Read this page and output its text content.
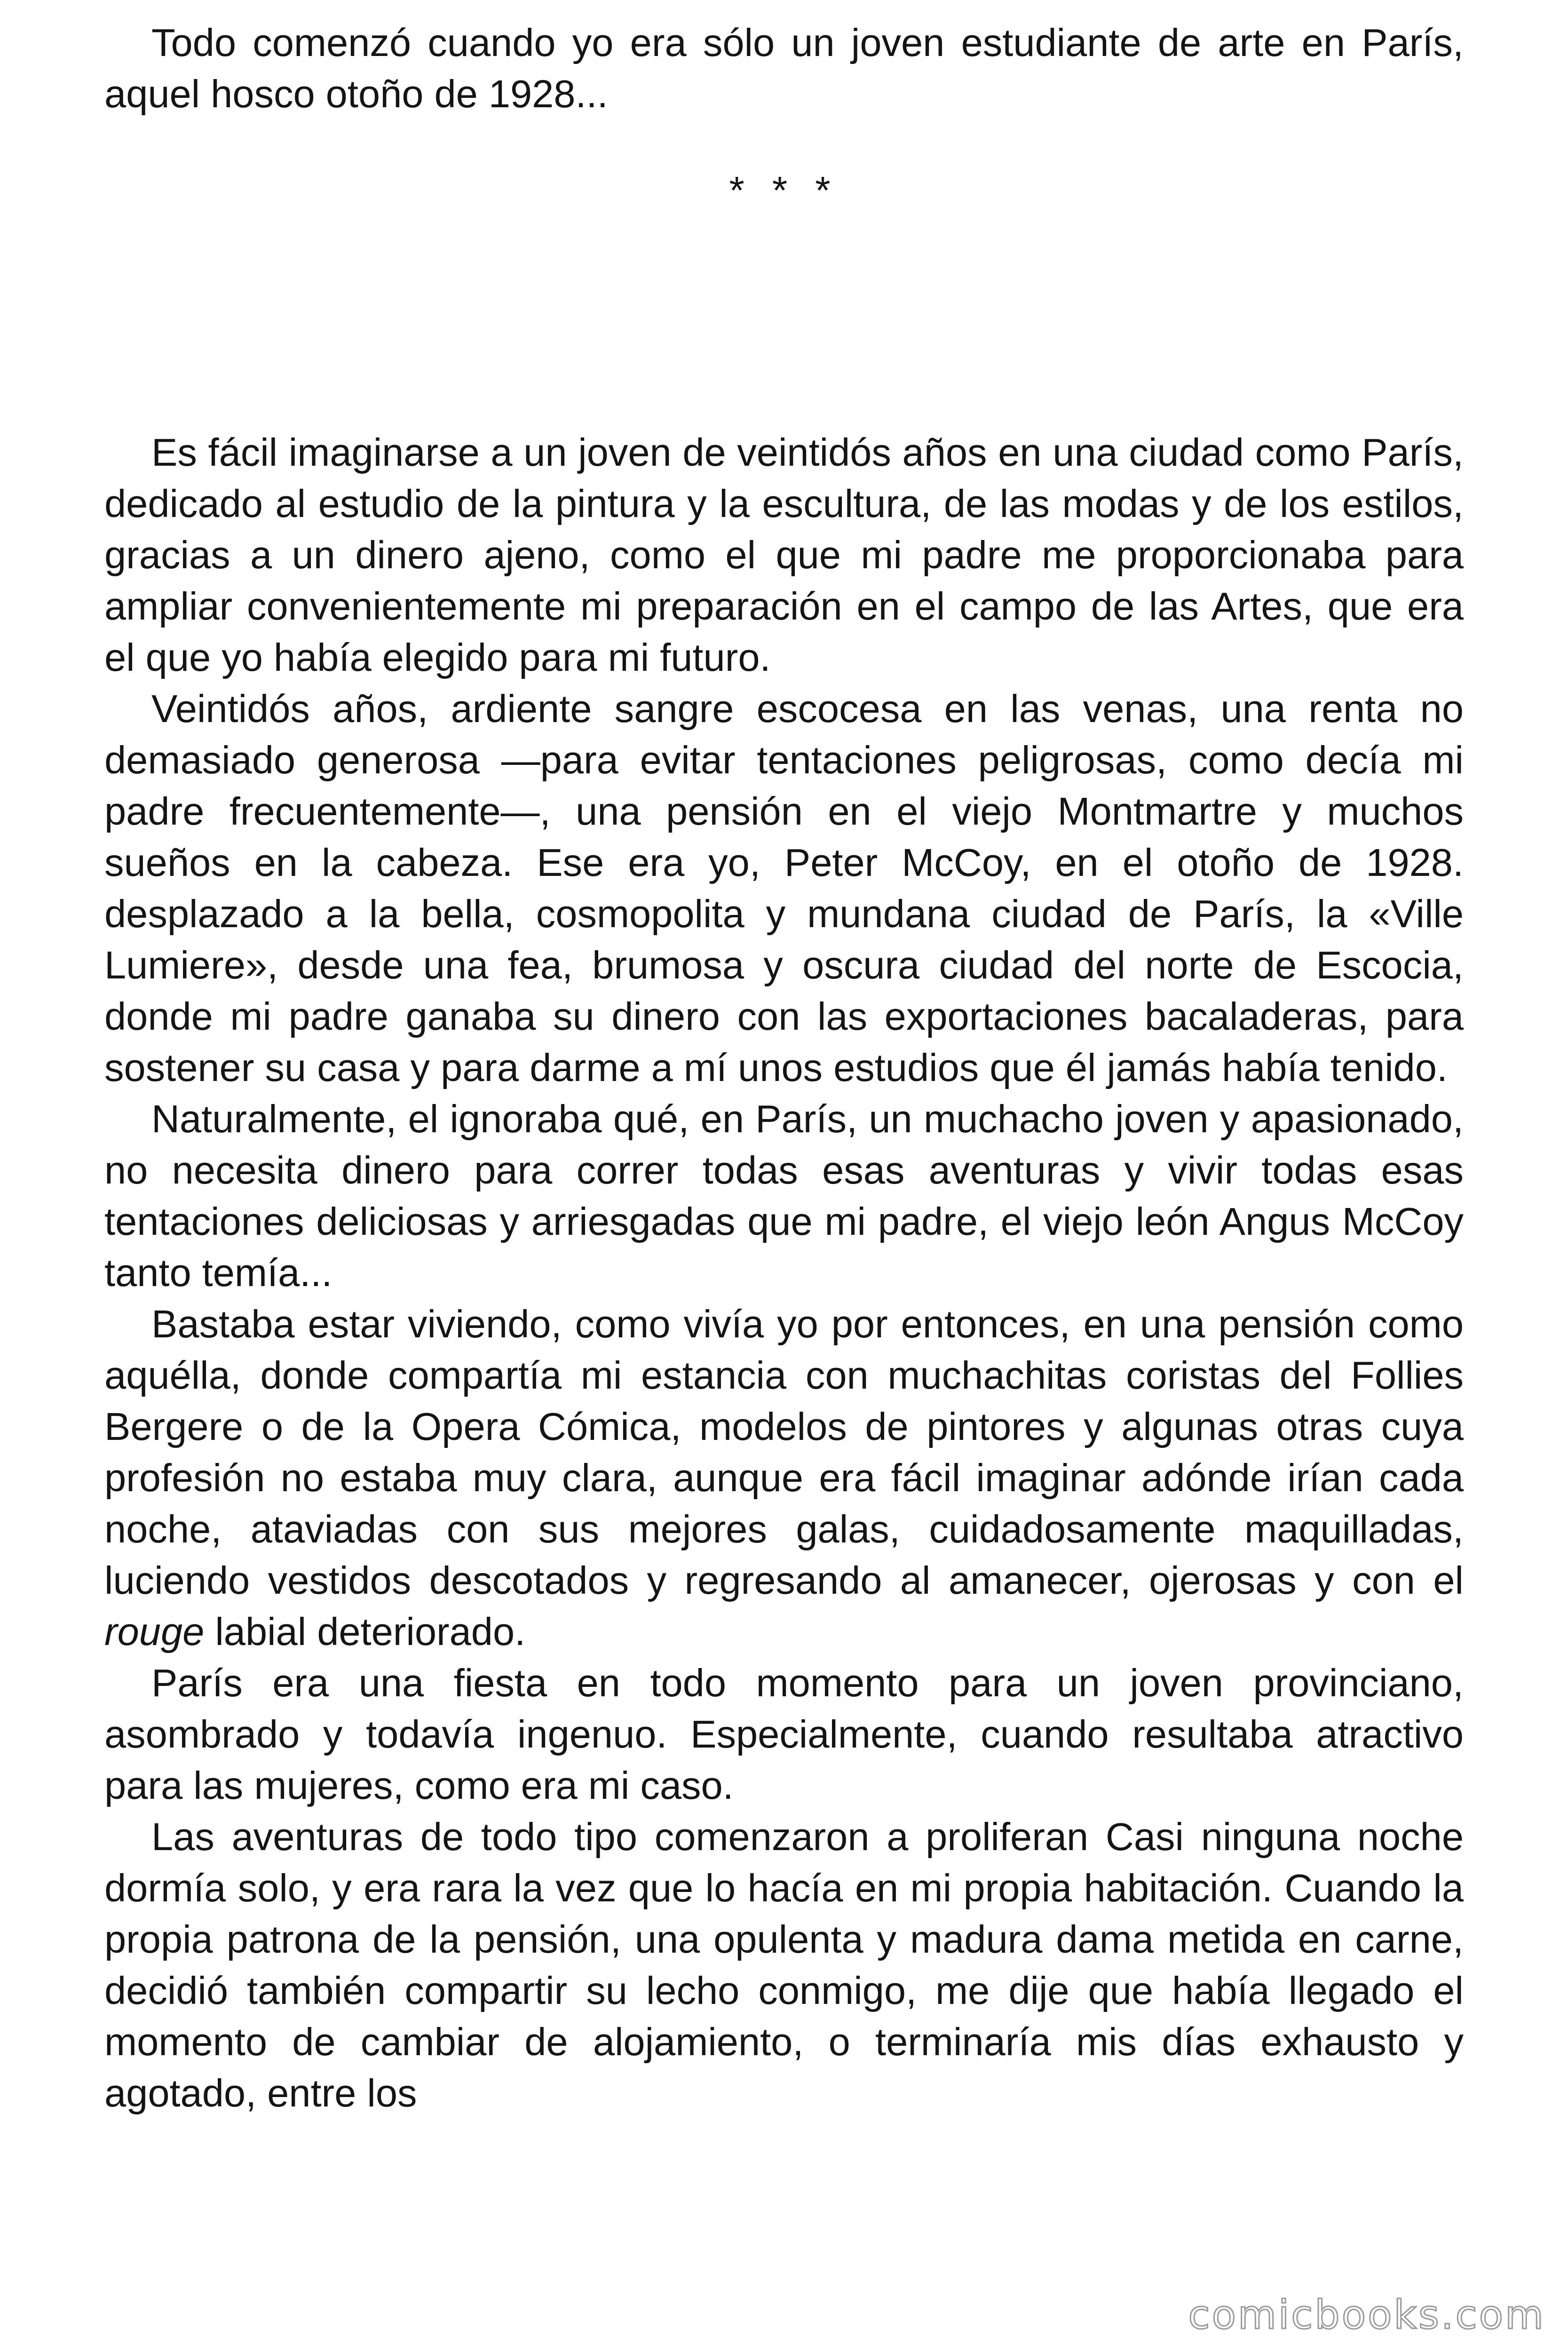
Todo comenzó cuando yo era sólo un joven estudiante de arte en París, aquel hosco otoño de 1928...

* * *

Es fácil imaginarse a un joven de veintidós años en una ciudad como París, dedicado al estudio de la pintura y la escultura, de las modas y de los estilos, gracias a un dinero ajeno, como el que mi padre me proporcionaba para ampliar convenientemente mi preparación en el campo de las Artes, que era el que yo había elegido para mi futuro.

Veintidós años, ardiente sangre escocesa en las venas, una renta no demasiado generosa —para evitar tentaciones peligrosas, como decía mi padre frecuentemente—, una pensión en el viejo Montmartre y muchos sueños en la cabeza. Ese era yo, Peter McCoy, en el otoño de 1928. desplazado a la bella, cosmopolita y mundana ciudad de París, la «Ville Lumiere», desde una fea, brumosa y oscura ciudad del norte de Escocia, donde mi padre ganaba su dinero con las exportaciones bacaladeras, para sostener su casa y para darme a mí unos estudios que él jamás había tenido.

Naturalmente, el ignoraba qué, en París, un muchacho joven y apasionado, no necesita dinero para correr todas esas aventuras y vivir todas esas tentaciones deliciosas y arriesgadas que mi padre, el viejo león Angus McCoy tanto temía...

Bastaba estar viviendo, como vivía yo por entonces, en una pensión como aquélla, donde compartía mi estancia con muchachitas coristas del Follies Bergere o de la Opera Cómica, modelos de pintores y algunas otras cuya profesión no estaba muy clara, aunque era fácil imaginar adónde irían cada noche, ataviadas con sus mejores galas, cuidadosamente maquilladas, luciendo vestidos descotados y regresando al amanecer, ojerosas y con el rouge labial deteriorado.

París era una fiesta en todo momento para un joven provinciano, asombrado y todavía ingenuo. Especialmente, cuando resultaba atractivo para las mujeres, como era mi caso.

Las aventuras de todo tipo comenzaron a proliferan Casi ninguna noche dormía solo, y era rara la vez que lo hacía en mi propia habitación. Cuando la propia patrona de la pensión, una opulenta y madura dama metida en carne, decidió también compartir su lecho conmigo, me dije que había llegado el momento de cambiar de alojamiento, o terminaría mis días exhausto y agotado, entre los

comicbooks.com
